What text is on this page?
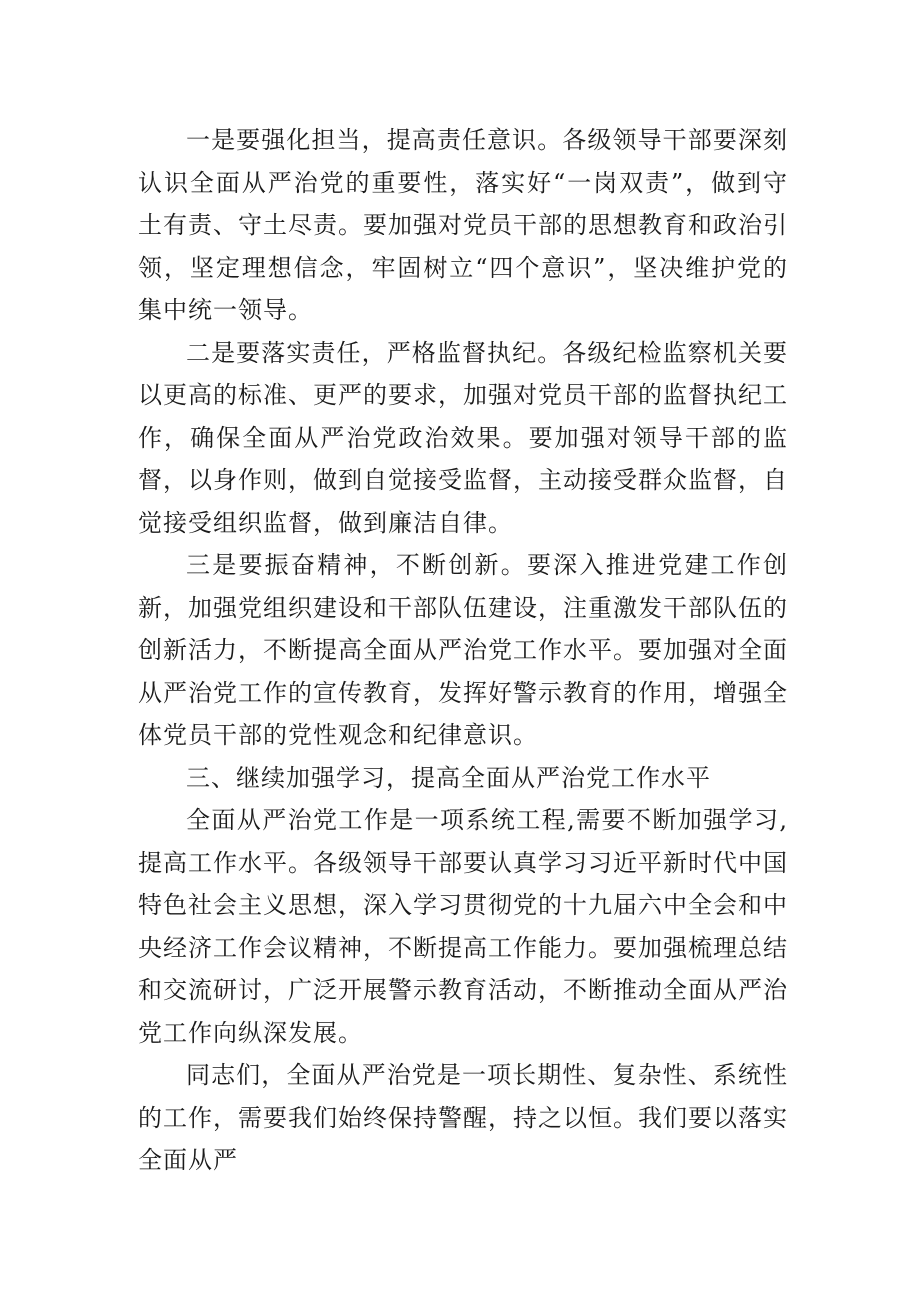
一是要强化担当，提高责任意识。各级领导干部要深刻认识全面从严治党的重要性，落实好“一岗双责”，做到守土有责、守土尽责。要加强对党员干部的思想教育和政治引领，坚定理想信念，牢固树立“四个意识”，坚决维护党的集中统一领导。

二是要落实责任，严格监督执纪。各级纪检监察机关要以更高的标准、更严的要求，加强对党员干部的监督执纪工作，确保全面从严治党政治效果。要加强对领导干部的监督，以身作则，做到自觉接受监督，主动接受群众监督，自觉接受组织监督，做到廉洁自律。

三是要振奋精神，不断创新。要深入推进党建工作创新，加强党组织建设和干部队伍建设，注重激发干部队伍的创新活力，不断提高全面从严治党工作水平。要加强对全面从严治党工作的宣传教育，发挥好警示教育的作用，增强全体党员干部的党性观念和纪律意识。

三、继续加强学习，提高全面从严治党工作水平

全面从严治党工作是一项系统工程,需要不断加强学习,提高工作水平。各级领导干部要认真学习习近平新时代中国特色社会主义思想，深入学习贯彻党的十九届六中全会和中央经济工作会议精神，不断提高工作能力。要加强梳理总结和交流研讨，广泛开展警示教育活动，不断推动全面从严治党工作向纵深发展。

同志们，全面从严治党是一项长期性、复杂性、系统性的工作，需要我们始终保持警醒，持之以恒。我们要以落实全面从严
